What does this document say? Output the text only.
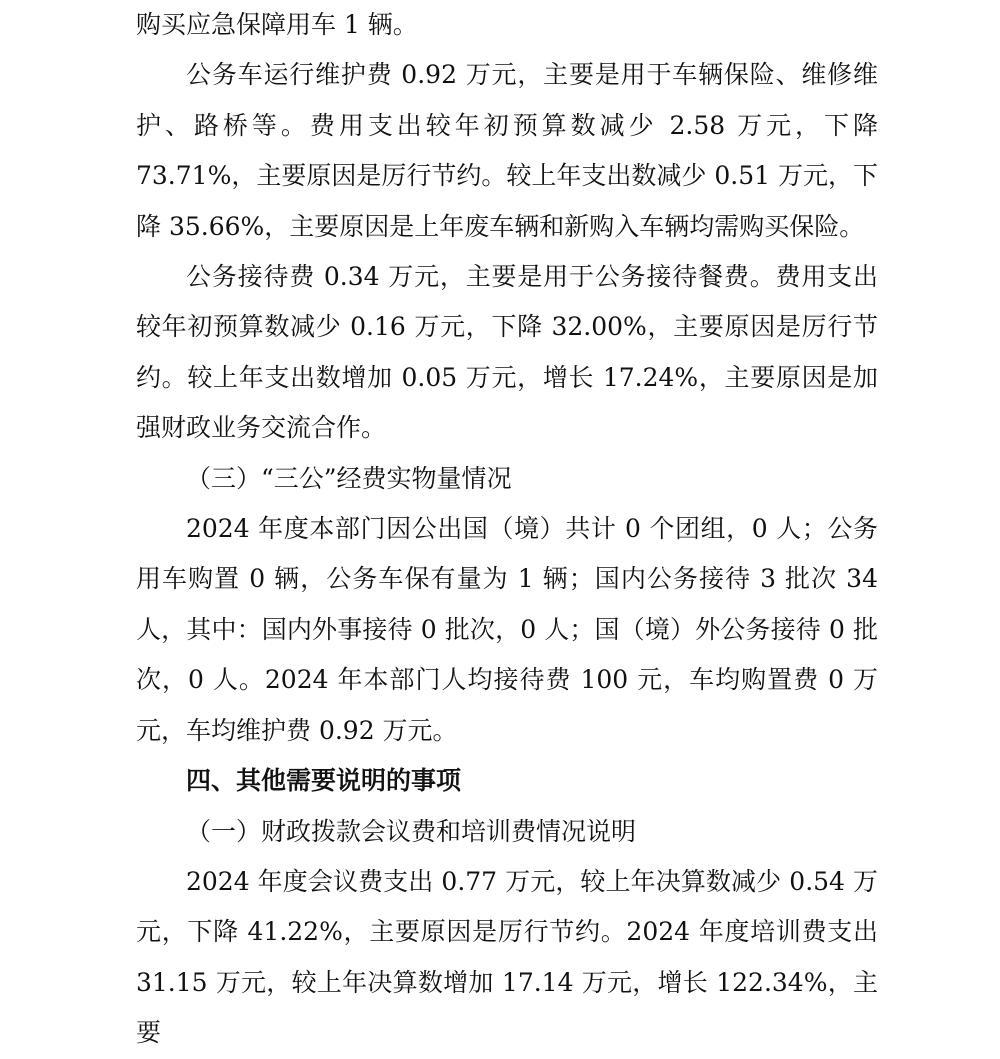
购买应急保障用车 1 辆。

公务车运行维护费 0.92 万元，主要是用于车辆保险、维修维护、路桥等。费用支出较年初预算数减少 2.58 万元，下降 73.71%，主要原因是厉行节约。较上年支出数减少 0.51 万元，下降 35.66%，主要原因是上年废车辆和新购入车辆均需购买保险。

公务接待费 0.34 万元，主要是用于公务接待餐费。费用支出较年初预算数减少 0.16 万元，下降 32.00%，主要原因是厉行节约。较上年支出数增加 0.05 万元，增长 17.24%，主要原因是加强财政业务交流合作。

（三）“三公”经费实物量情况

2024 年度本部门因公出国（境）共计 0 个团组，0 人；公务用车购置 0 辆，公务车保有量为 1 辆；国内公务接待 3 批次 34 人，其中：国内外事接待 0 批次，0 人；国（境）外公务接待 0 批次，0 人。2024 年本部门人均接待费 100 元，车均购置费 0 万元，车均维护费 0.92 万元。

四、其他需要说明的事项

（一）财政拨款会议费和培训费情况说明

2024 年度会议费支出 0.77 万元，较上年决算数减少 0.54 万元，下降 41.22%，主要原因是厉行节约。2024 年度培训费支出 31.15 万元，较上年决算数增加 17.14 万元，增长 122.34%，主要
